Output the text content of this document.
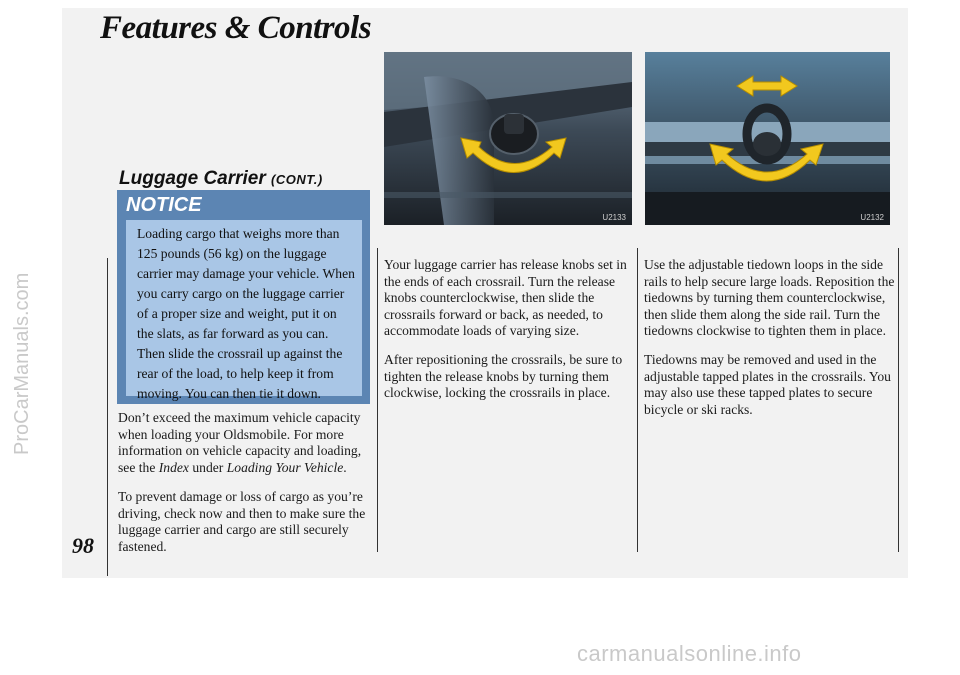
ProCarManuals.com
carmanualsonline.info
Features & Controls
Luggage Carrier (CONT.)
98
NOTICE

Loading cargo that weighs more than 125 pounds (56 kg) on the luggage carrier may damage your vehicle. When you carry cargo on the luggage carrier of a proper size and weight, put it on the slats, as far forward as you can. Then slide the crossrail up against the rear of the load, to help keep it from moving. You can then tie it down.

Don’t exceed the maximum vehicle capacity when loading your Oldsmobile. For more information on vehicle capacity and loading, see the Index under Loading Your Vehicle.

To prevent damage or loss of cargo as you’re driving, check now and then to make sure the luggage carrier and cargo are still securely fastened.

Your luggage carrier has release knobs set in the ends of each crossrail. Turn the release knobs counterclockwise, then slide the crossrails forward or back, as needed, to accommodate loads of varying size.

After repositioning the crossrails, be sure to tighten the release knobs by turning them clockwise, locking the crossrails in place.

Use the adjustable tiedown loops in the side rails to help secure large loads. Reposition the tiedowns by turning them counterclockwise, then slide them along the side rail. Turn the tiedowns clockwise to tighten them in place.

Tiedowns may be removed and used in the adjustable tapped plates in the crossrails. You may also use these tapped plates to secure bicycle or ski racks.

U2133	U2132
